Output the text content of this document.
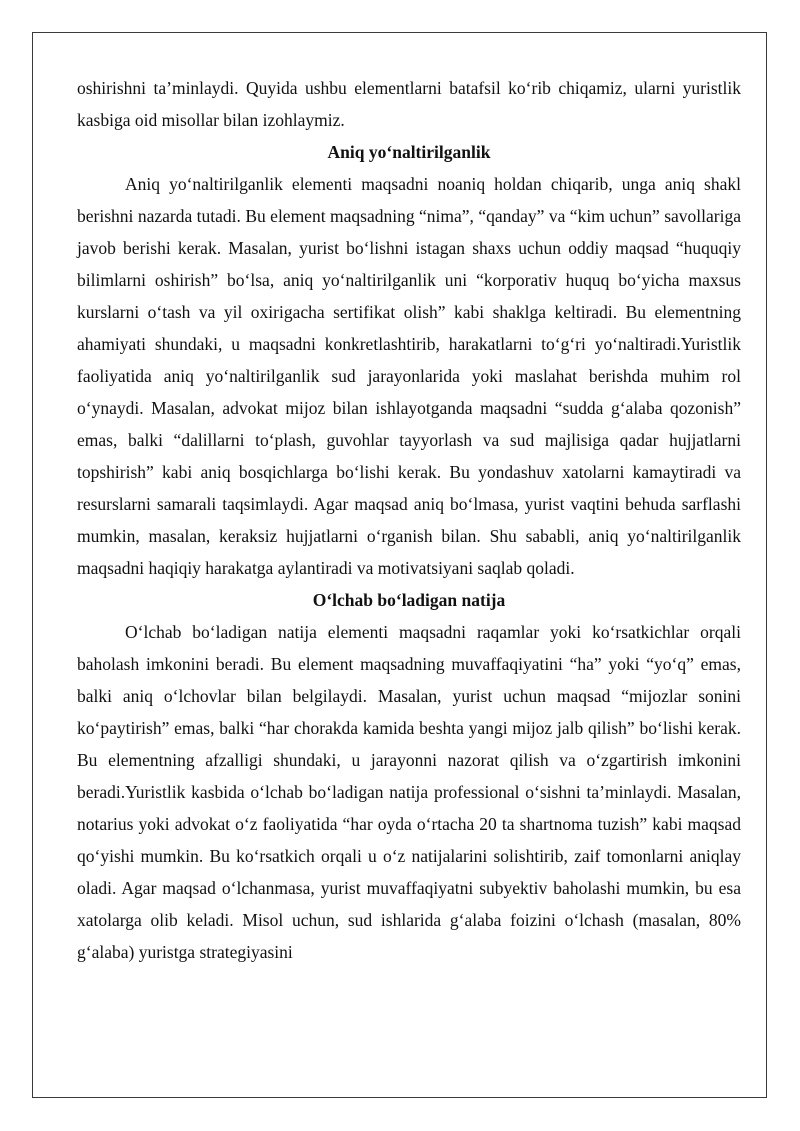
oshirishni ta’minlaydi. Quyida ushbu elementlarni batafsil ko‘rib chiqamiz, ularni yuristlik kasbiga oid misollar bilan izohlaymiz.

Aniq yo‘naltirilganlik

Aniq yo‘naltirilganlik elementi maqsadni noaniq holdan chiqarib, unga aniq shakl berishni nazarda tutadi. Bu element maqsadning “nima”, “qanday” va “kim uchun” savollariga javob berishi kerak. Masalan, yurist bo‘lishni istagan shaxs uchun oddiy maqsad “huquqiy bilimlarni oshirish” bo‘lsa, aniq yo‘naltirilganlik uni “korporativ huquq bo‘yicha maxsus kurslarni o‘tash va yil oxirigacha sertifikat olish” kabi shaklga keltiradi. Bu elementning ahamiyati shundaki, u maqsadni konkretlashtirib, harakatlarni to‘g‘ri yo‘naltiradi.Yuristlik faoliyatida aniq yo‘naltirilganlik sud jarayonlarida yoki maslahat berishda muhim rol o‘ynaydi. Masalan, advokat mijoz bilan ishlayotganda maqsadni “sudda g‘alaba qozonish” emas, balki “dalillarni to‘plash, guvohlar tayyorlash va sud majlisiga qadar hujjatlarni topshirish” kabi aniq bosqichlarga bo‘lishi kerak. Bu yondashuv xatolarni kamaytiradi va resurslarni samarali taqsimlaydi. Agar maqsad aniq bo‘lmasa, yurist vaqtini behuda sarflashi mumkin, masalan, keraksiz hujjatlarni o‘rganish bilan. Shu sababli, aniq yo‘naltirilganlik maqsadni haqiqiy harakatga aylantiradi va motivatsiyani saqlab qoladi.

O‘lchab bo‘ladigan natija

O‘lchab bo‘ladigan natija elementi maqsadni raqamlar yoki ko‘rsatkichlar orqali baholash imkonini beradi. Bu element maqsadning muvaffaqiyatini “ha” yoki “yo‘q” emas, balki aniq o‘lchovlar bilan belgilaydi. Masalan, yurist uchun maqsad “mijozlar sonini ko‘paytirish” emas, balki “har chorakda kamida beshta yangi mijoz jalb qilish” bo‘lishi kerak. Bu elementning afzalligi shundaki, u jarayonni nazorat qilish va o‘zgartirish imkonini beradi.Yuristlik kasbida o‘lchab bo‘ladigan natija professional o‘sishni ta’minlaydi. Masalan, notarius yoki advokat o‘z faoliyatida “har oyda o‘rtacha 20 ta shartnoma tuzish” kabi maqsad qo‘yishi mumkin. Bu ko‘rsatkich orqali u o‘z natijalarini solishtirib, zaif tomonlarni aniqlay oladi. Agar maqsad o‘lchanmasa, yurist muvaffaqiyatni subyektiv baholashi mumkin, bu esa xatolarga olib keladi. Misol uchun, sud ishlarida g‘alaba foizini o‘lchash (masalan, 80% g‘alaba) yuristga strategiyasini
